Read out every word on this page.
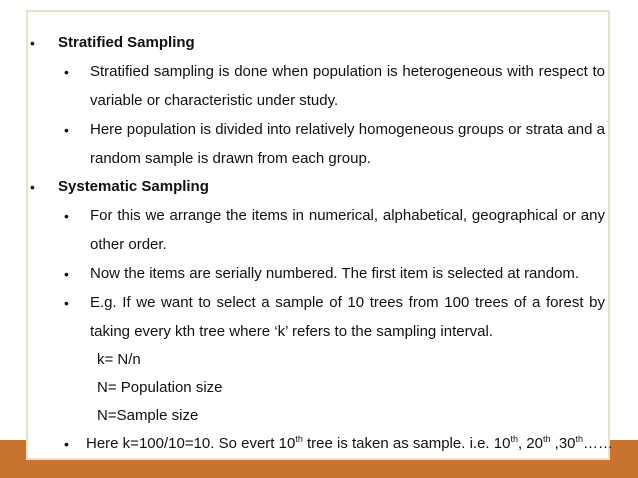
• Stratified Sampling
• Stratified sampling is done when population is heterogeneous with respect to
variable or characteristic under study.
• Here population is divided into relatively homogeneous groups or strata and a
random sample is drawn from each group.
• Systematic Sampling
• For this we arrange the items in numerical, alphabetical, geographical or any
other order.
• Now the items are serially numbered. The first item is selected at random.
• E.g. If we want to select a sample of 10 trees from 100 trees of a forest by
taking every kth tree where ‘k’ refers to the sampling interval.
k= N/n
N= Population size
N=Sample size
• Here k=100/10=10. So evert 10th tree is taken as sample. i.e. 10th, 20th ,30th……
